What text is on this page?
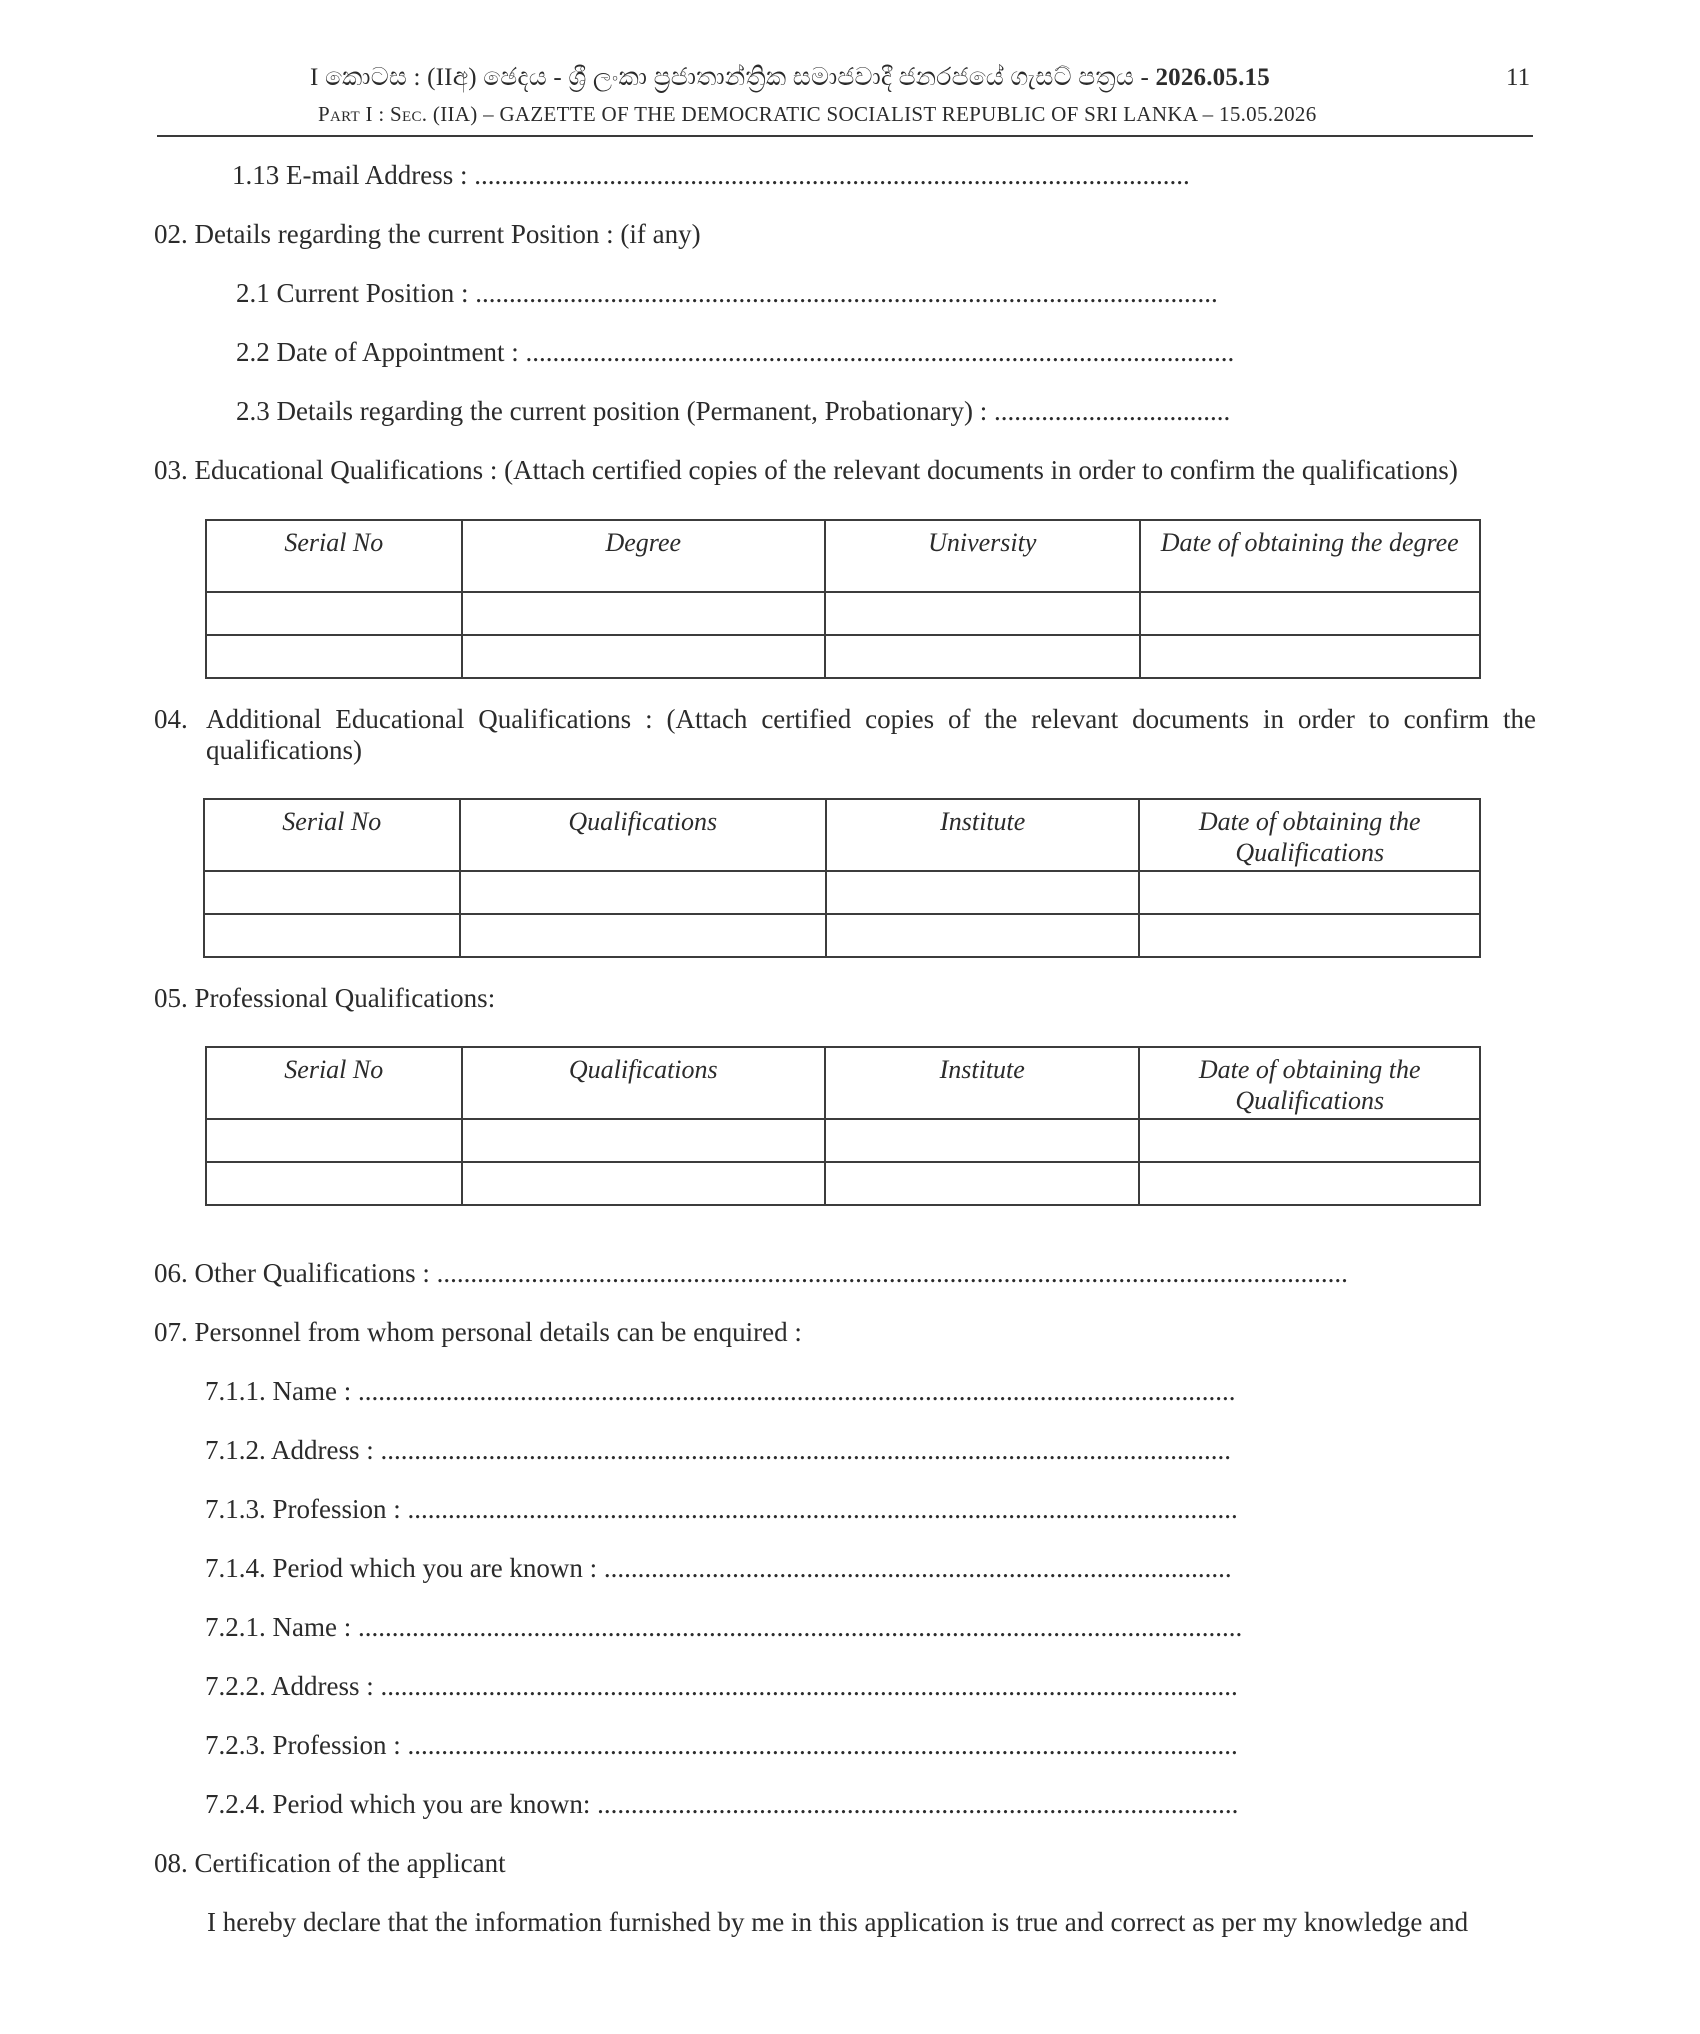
I කොටස : (IIඅ) ඡෙදය - ශ්‍රී ලංකා ප්‍රජාතාන්ත්‍රික සමාජවාදී ජනරජයේ ගැසට් පත්‍රය - 2026.05.15	11
Part I : Sec. (IIA) – GAZETTE OF THE DEMOCRATIC SOCIALIST REPUBLIC OF SRI LANKA – 15.05.2026
1.13 E-mail Address : ..........................................................................................................
02. Details regarding the current Position : (if any)
2.1 Current Position : ..............................................................................................................
2.2 Date of Appointment : .........................................................................................................
2.3 Details regarding the current position (Permanent, Probationary) : ...................................
03. Educational Qualifications : (Attach certified copies of the relevant documents in order to confirm the qualifications)
Serial No	Degree	University	Date of obtaining the degree

04. Additional Educational Qualifications : (Attach certified copies of the relevant documents in order to confirm the qualifications)
Serial No	Qualifications	Institute	Date of obtaining the Qualifications

05. Professional Qualifications:
Serial No	Qualifications	Institute	Date of obtaining the Qualifications

06. Other Qualifications : .......................................................................................................................................
07. Personnel from whom personal details can be enquired :
7.1.1. Name : ..................................................................................................................................
7.1.2. Address : ..............................................................................................................................
7.1.3. Profession : ...........................................................................................................................
7.1.4. Period which you are known : .............................................................................................
7.2.1. Name : ...................................................................................................................................
7.2.2. Address : ...............................................................................................................................
7.2.3. Profession : ...........................................................................................................................
7.2.4. Period which you are known: ...............................................................................................
08. Certification of the applicant
I hereby declare that the information furnished by me in this application is true and correct as per my knowledge and
